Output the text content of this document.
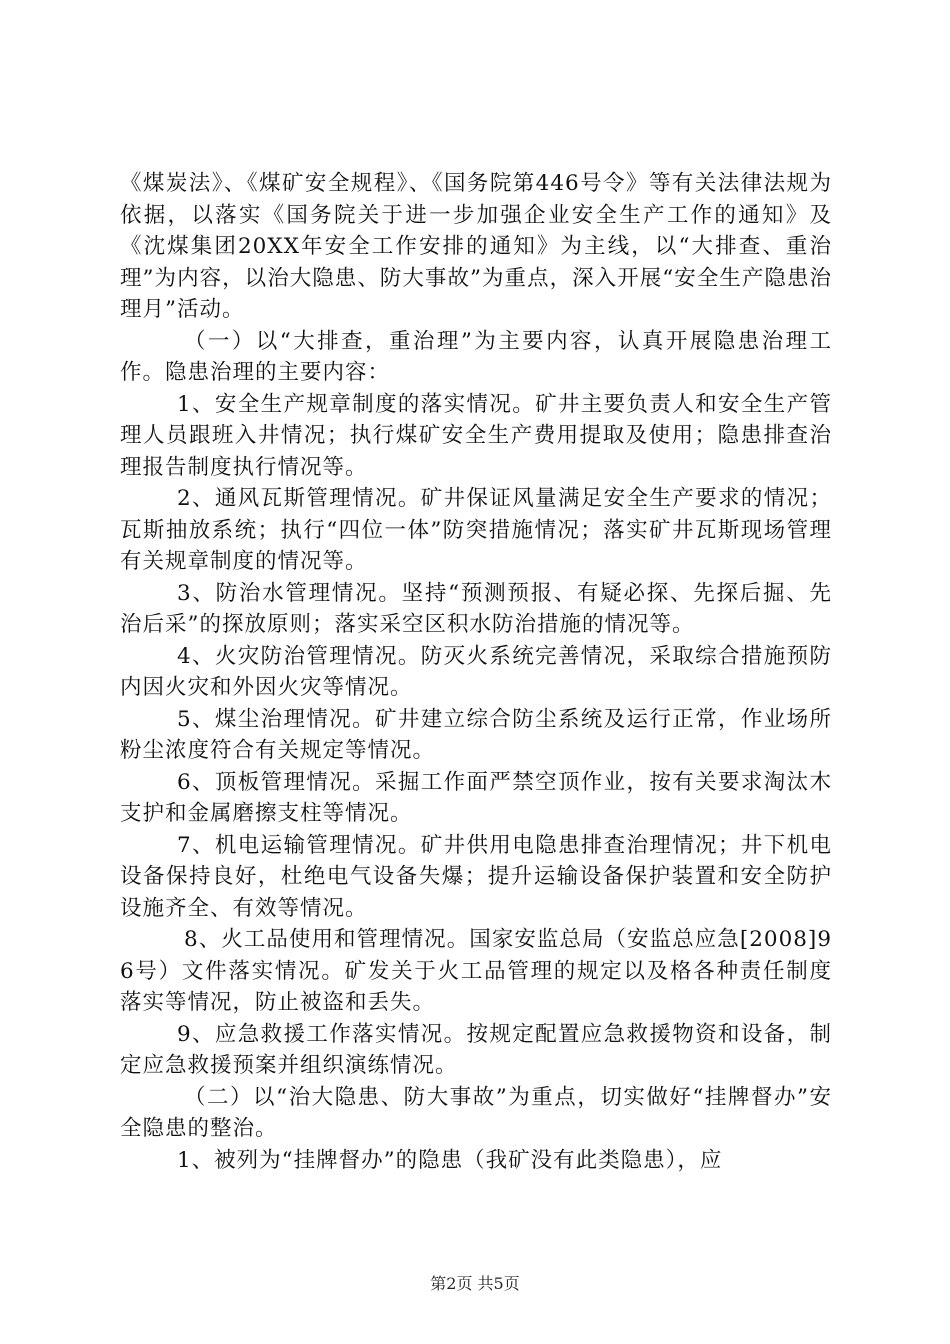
《煤炭法》、《煤矿安全规程》、《国务院第446号令》等有关法律法规为依据，以落实《国务院关于进一步加强企业安全生产工作的通知》及《沈煤集团20XX年安全工作安排的通知》为主线，以“大排查、重治理”为内容，以治大隐患、防大事故”为重点，深入开展“安全生产隐患治理月”活动。

（一）以“大排查，重治理”为主要内容，认真开展隐患治理工作。隐患治理的主要内容：

1、安全生产规章制度的落实情况。矿井主要负责人和安全生产管理人员跟班入井情况；执行煤矿安全生产费用提取及使用；隐患排查治理报告制度执行情况等。

2、通风瓦斯管理情况。矿井保证风量满足安全生产要求的情况；瓦斯抽放系统；执行“四位一体”防突措施情况；落实矿井瓦斯现场管理有关规章制度的情况等。

3、防治水管理情况。坚持“预测预报、有疑必探、先探后掘、先治后采”的探放原则；落实采空区积水防治措施的情况等。

4、火灾防治管理情况。防灭火系统完善情况，采取综合措施预防内因火灾和外因火灾等情况。

5、煤尘治理情况。矿井建立综合防尘系统及运行正常，作业场所粉尘浓度符合有关规定等情况。

6、顶板管理情况。采掘工作面严禁空顶作业，按有关要求淘汰木支护和金属磨擦支柱等情况。

7、机电运输管理情况。矿井供用电隐患排查治理情况；井下机电设备保持良好，杜绝电气设备失爆；提升运输设备保护装置和安全防护设施齐全、有效等情况。

8、火工品使用和管理情况。国家安监总局（安监总应急[2008]96号）文件落实情况。矿发关于火工品管理的规定以及格各种责任制度落实等情况，防止被盗和丢失。

9、应急救援工作落实情况。按规定配置应急救援物资和设备，制定应急救援预案并组织演练情况。

（二）以“治大隐患、防大事故”为重点，切实做好“挂牌督办”安全隐患的整治。

1、被列为“挂牌督办”的隐患（我矿没有此类隐患），应

第2页 共5页
